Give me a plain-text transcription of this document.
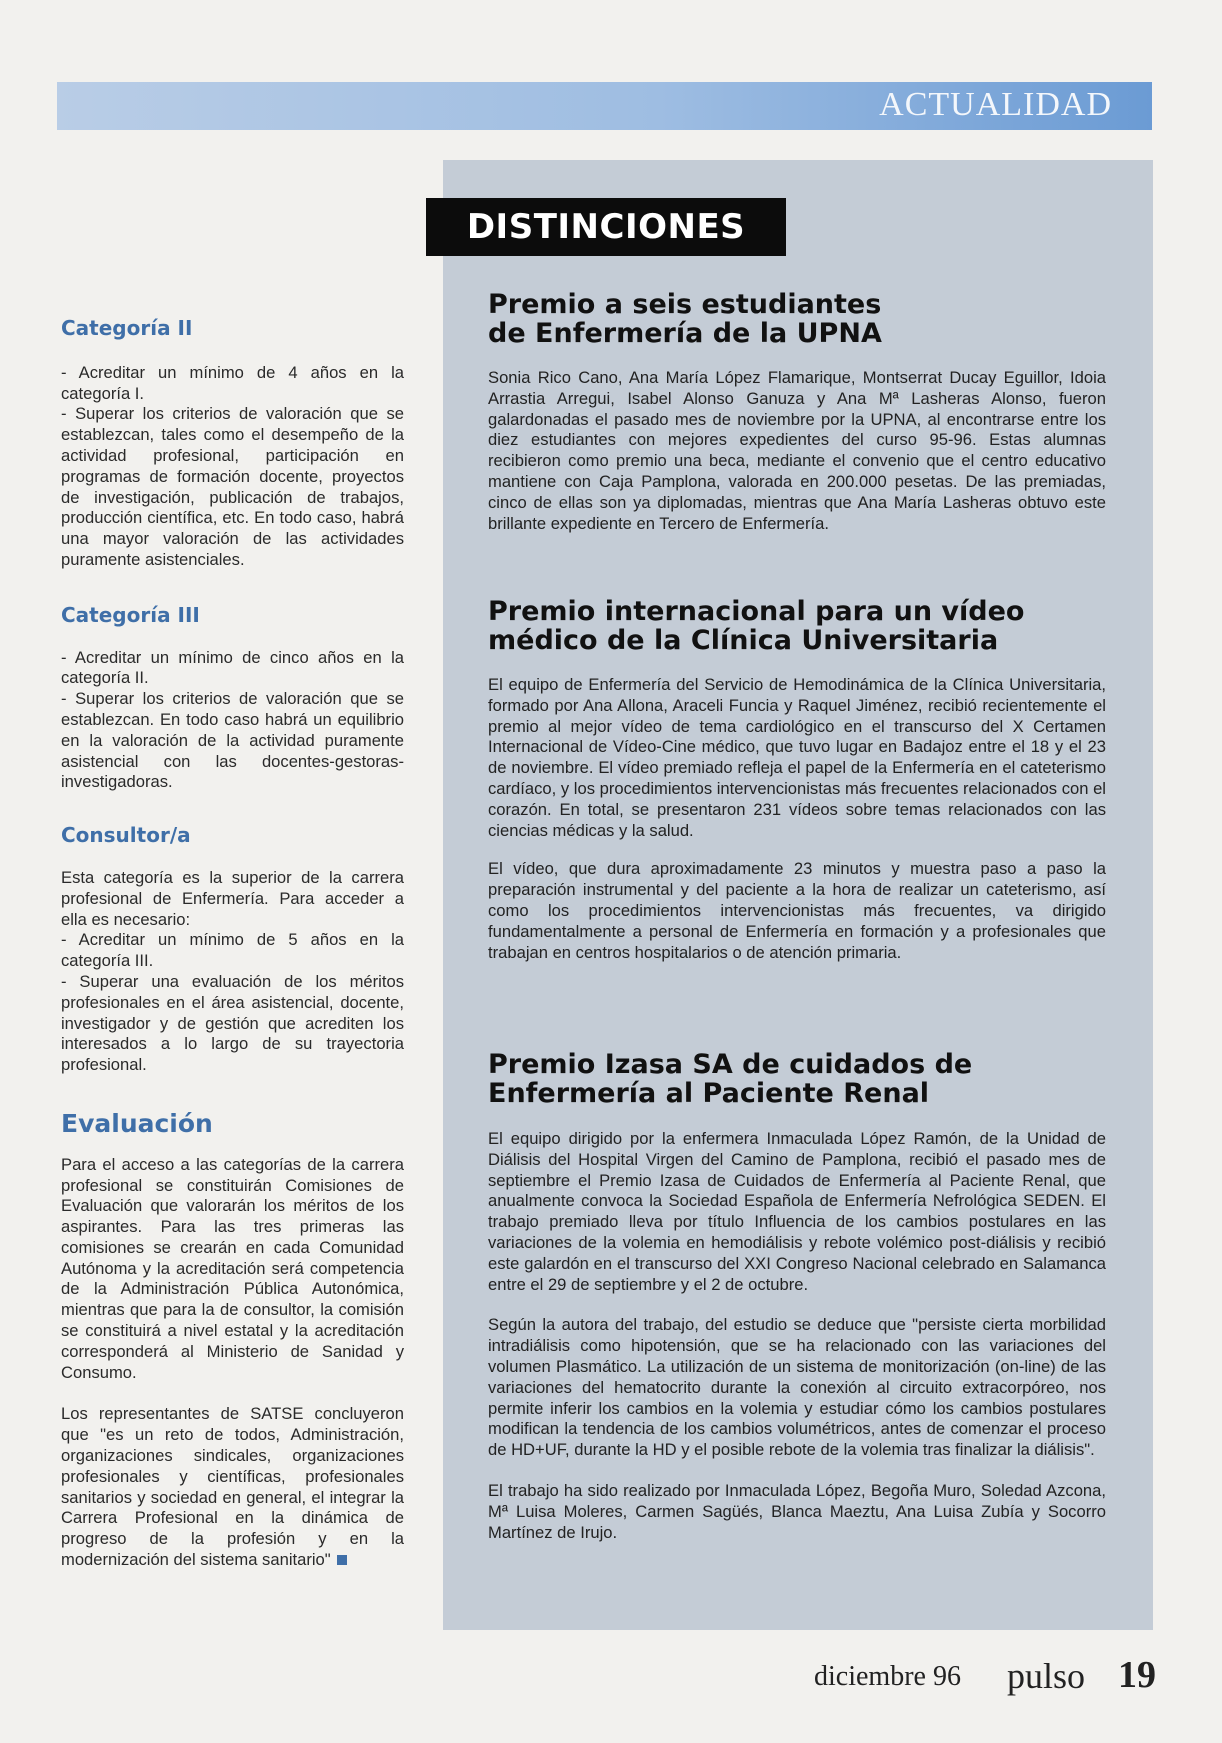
ACTUALIDAD
DISTINCIONES
Categoría II

- Acreditar un mínimo de 4 años en la categoría I.
- Superar los criterios de valoración que se establezcan, tales como el desempeño de la actividad profesional, participación en programas de formación docente, proyectos de investigación, publicación de trabajos, producción científica, etc. En todo caso, habrá una mayor valoración de las actividades puramente asistenciales.

Categoría III

- Acreditar un mínimo de cinco años en la categoría II.
- Superar los criterios de valoración que se establezcan. En todo caso habrá un equilibrio en la valoración de la actividad puramente asistencial con las docentes-gestoras-investigadoras.

Consultor/a

Esta categoría es la superior de la carrera profesional de Enfermería. Para acceder a ella es necesario:
- Acreditar un mínimo de 5 años en la categoría III.
- Superar una evaluación de los méritos profesionales en el área asistencial, docente, investigador y de gestión que acrediten los interesados a lo largo de su trayectoria profesional.

Evaluación

Para el acceso a las categorías de la carrera profesional se constituirán Comisiones de Evaluación que valorarán los méritos de los aspirantes. Para las tres primeras las comisiones se crearán en cada Comunidad Autónoma y la acreditación será competencia de la Administración Pública Autonómica, mientras que para la de consultor, la comisión se constituirá a nivel estatal y la acreditación corresponderá al Ministerio de Sanidad y Consumo.

Los representantes de SATSE concluyeron que "es un reto de todos, Administración, organizaciones sindicales, organizaciones profesionales y científicas, profesionales sanitarios y sociedad en general, el integrar la Carrera Profesional en la dinámica de progreso de la profesión y en la modernización del sistema sanitario"

Premio a seis estudiantes
de Enfermería de la UPNA

Sonia Rico Cano, Ana María López Flamarique, Montserrat Ducay Eguillor, Idoia Arrastia Arregui, Isabel Alonso Ganuza y Ana Mª Lasheras Alonso, fueron galardonadas el pasado mes de noviembre por la UPNA, al encontrarse entre los diez estudiantes con mejores expedientes del curso 95-96. Estas alumnas recibieron como premio una beca, mediante el convenio que el centro educativo mantiene con Caja Pamplona, valorada en 200.000 pesetas. De las premiadas, cinco de ellas son ya diplomadas, mientras que Ana María Lasheras obtuvo este brillante expediente en Tercero de Enfermería.

Premio internacional para un vídeo
médico de la Clínica Universitaria

El equipo de Enfermería del Servicio de Hemodinámica de la Clínica Universitaria, formado por Ana Allona, Araceli Funcia y Raquel Jiménez, recibió recientemente el premio al mejor vídeo de tema cardiológico en el transcurso del X Certamen Internacional de Vídeo-Cine médico, que tuvo lugar en Badajoz entre el 18 y el 23 de noviembre. El vídeo premiado refleja el papel de la Enfermería en el cateterismo cardíaco, y los procedimientos intervencionistas más frecuentes relacionados con el corazón. En total, se presentaron 231 vídeos sobre temas relacionados con las ciencias médicas y la salud.

El vídeo, que dura aproximadamente 23 minutos y muestra paso a paso la preparación instrumental y del paciente a la hora de realizar un cateterismo, así como los procedimientos intervencionistas más frecuentes, va dirigido fundamentalmente a personal de Enfermería en formación y a profesionales que trabajan en centros hospitalarios o de atención primaria.

Premio Izasa SA de cuidados de
Enfermería al Paciente Renal

El equipo dirigido por la enfermera Inmaculada López Ramón, de la Unidad de Diálisis del Hospital Virgen del Camino de Pamplona, recibió el pasado mes de septiembre el Premio Izasa de Cuidados de Enfermería al Paciente Renal, que anualmente convoca la Sociedad Española de Enfermería Nefrológica SEDEN. El trabajo premiado lleva por título Influencia de los cambios postulares en las variaciones de la volemia en hemodiálisis y rebote volémico post-diálisis y recibió este galardón en el transcurso del XXI Congreso Nacional celebrado en Salamanca entre el 29 de septiembre y el 2 de octubre.

Según la autora del trabajo, del estudio se deduce que "persiste cierta morbilidad intradiálisis como hipotensión, que se ha relacionado con las variaciones del volumen Plasmático. La utilización de un sistema de monitorización (on-line) de las variaciones del hematocrito durante la conexión al circuito extracorpóreo, nos permite inferir los cambios en la volemia y estudiar cómo los cambios postulares modifican la tendencia de los cambios volumétricos, antes de comenzar el proceso de HD+UF, durante la HD y el posible rebote de la volemia tras finalizar la diálisis".

El trabajo ha sido realizado por Inmaculada López, Begoña Muro, Soledad Azcona, Mª Luisa Moleres, Carmen Sagüés, Blanca Maeztu, Ana Luisa Zubía y Socorro Martínez de Irujo.

diciembre 96 pulso 19
